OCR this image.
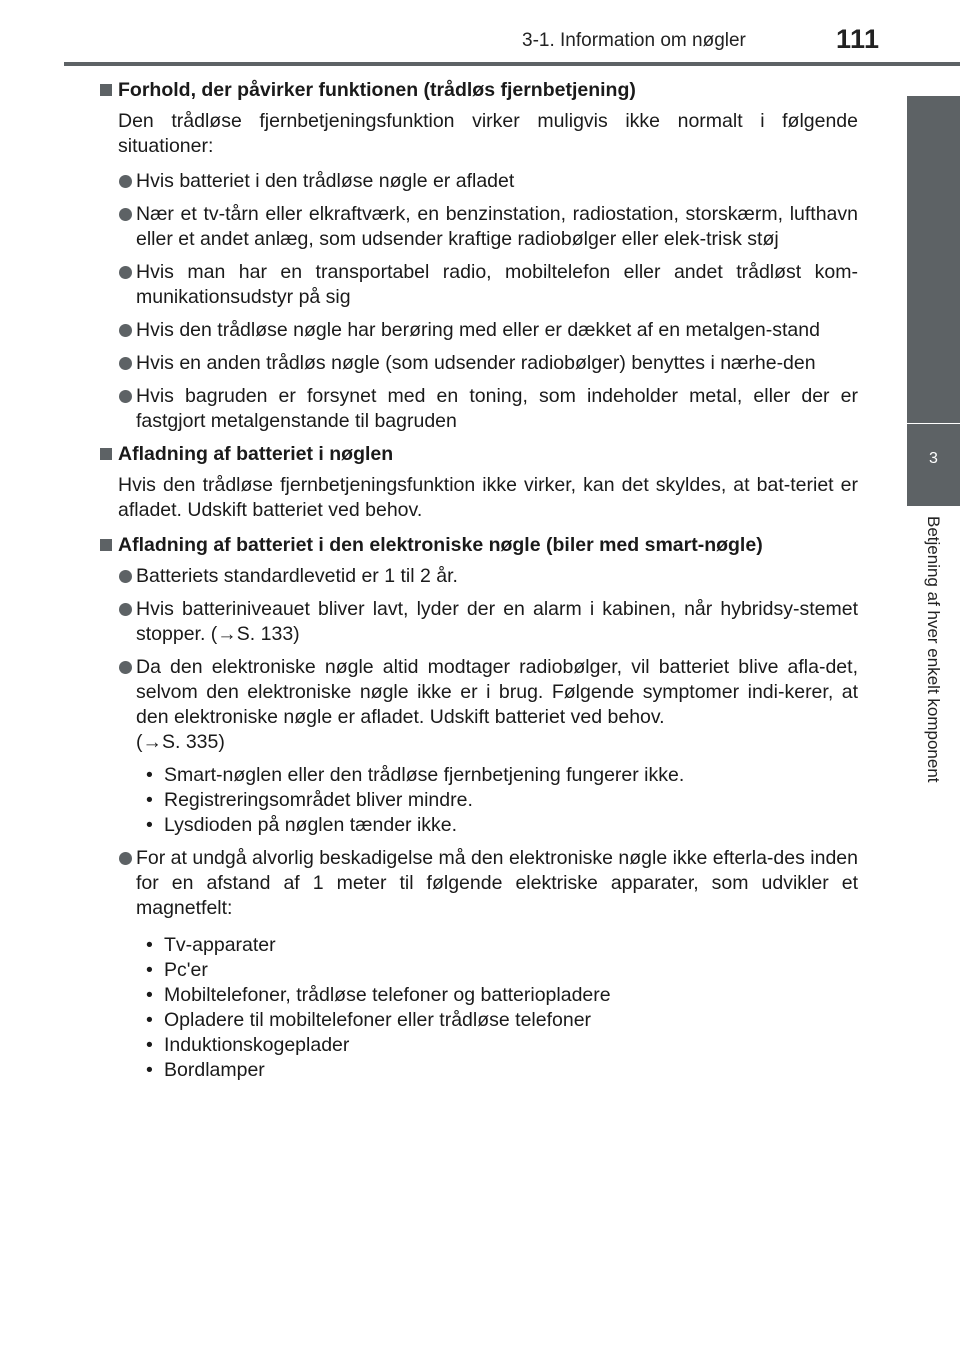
3-1. Information om nøgler	111
3
Betjening af hver enkelt komponent
Forhold, der påvirker funktionen (trådløs fjernbetjening)

Den trådløse fjernbetjeningsfunktion virker muligvis ikke normalt i følgende situationer:

Hvis batteriet i den trådløse nøgle er afladet
Nær et tv-tårn eller elkraftværk, en benzinstation, radiostation, storskærm, lufthavn eller et andet anlæg, som udsender kraftige radiobølger eller elek-trisk støj
Hvis man har en transportabel radio, mobiltelefon eller andet trådløst kom-munikationsudstyr på sig
Hvis den trådløse nøgle har berøring med eller er dækket af en metalgen-stand
Hvis en anden trådløs nøgle (som udsender radiobølger) benyttes i nærhe-den
Hvis bagruden er forsynet med en toning, som indeholder metal, eller der er fastgjort metalgenstande til bagruden
Afladning af batteriet i nøglen

Hvis den trådløse fjernbetjeningsfunktion ikke virker, kan det skyldes, at bat-teriet er afladet. Udskift batteriet ved behov.

Afladning af batteriet i den elektroniske nøgle (biler med smart-nøgle)
Batteriets standardlevetid er 1 til 2 år.
Hvis batteriniveauet bliver lavt, lyder der en alarm i kabinen, når hybridsy-stemet stopper. (→S. 133)
Da den elektroniske nøgle altid modtager radiobølger, vil batteriet blive afla-det, selvom den elektroniske nøgle ikke er i brug. Følgende symptomer indi-kerer, at den elektroniske nøgle er afladet. Udskift batteriet ved behov.
(→S. 335)
• Smart-nøglen eller den trådløse fjernbetjening fungerer ikke.
• Registreringsområdet bliver mindre.
• Lysdioden på nøglen tænder ikke.
For at undgå alvorlig beskadigelse må den elektroniske nøgle ikke efterla-des inden for en afstand af 1 meter til følgende elektriske apparater, som udvikler et magnetfelt:
• Tv-apparater
• Pc'er
• Mobiltelefoner, trådløse telefoner og batteriopladere
• Opladere til mobiltelefoner eller trådløse telefoner
• Induktionskogeplader
• Bordlamper
